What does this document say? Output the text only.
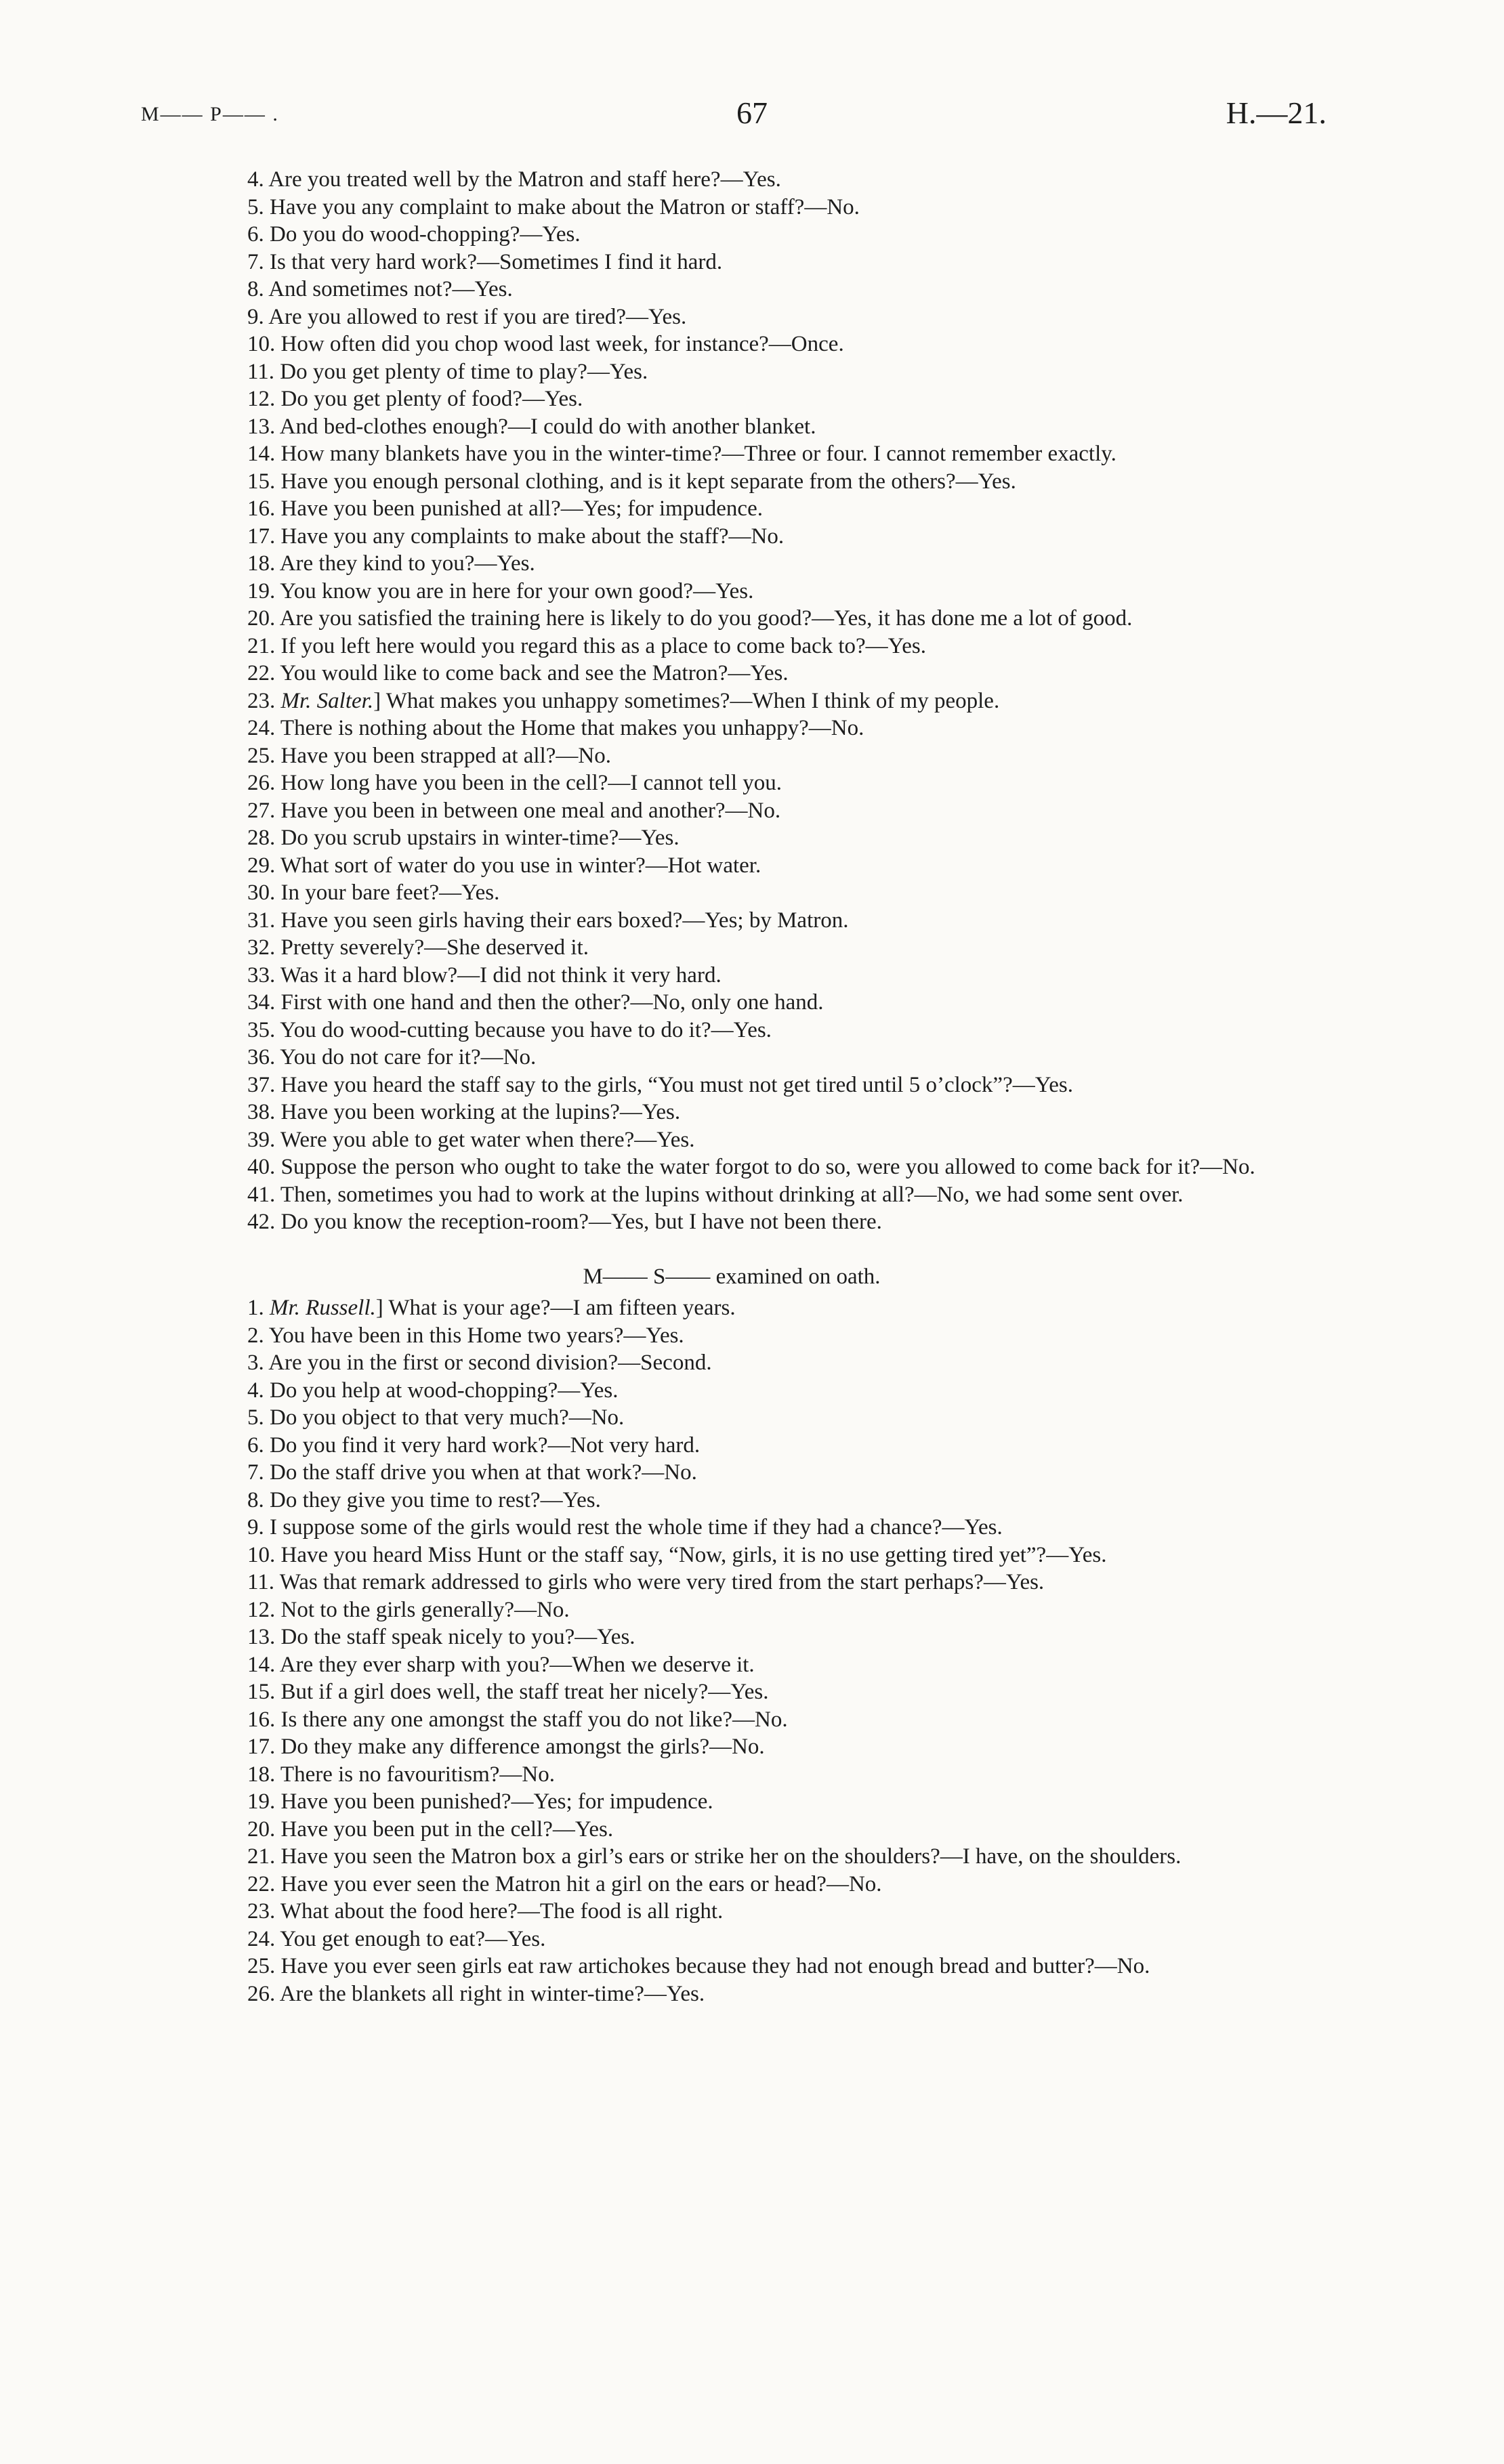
M—— P—— .	67	H.—21.

4. Are you treated well by the Matron and staff here?—Yes.

5. Have you any complaint to make about the Matron or staff?—No.

6. Do you do wood-chopping?—Yes.

7. Is that very hard work?—Sometimes I find it hard.

8. And sometimes not?—Yes.

9. Are you allowed to rest if you are tired?—Yes.

10. How often did you chop wood last week, for instance?—Once.

11. Do you get plenty of time to play?—Yes.

12. Do you get plenty of food?—Yes.

13. And bed-clothes enough?—I could do with another blanket.

14. How many blankets have you in the winter-time?—Three or four. I cannot remember exactly.

15. Have you enough personal clothing, and is it kept separate from the others?—Yes.

16. Have you been punished at all?—Yes; for impudence.

17. Have you any complaints to make about the staff?—No.

18. Are they kind to you?—Yes.

19. You know you are in here for your own good?—Yes.

20. Are you satisfied the training here is likely to do you good?—Yes, it has done me a lot of good.

21. If you left here would you regard this as a place to come back to?—Yes.

22. You would like to come back and see the Matron?—Yes.

23. Mr. Salter.] What makes you unhappy sometimes?—When I think of my people.

24. There is nothing about the Home that makes you unhappy?—No.

25. Have you been strapped at all?—No.

26. How long have you been in the cell?—I cannot tell you.

27. Have you been in between one meal and another?—No.

28. Do you scrub upstairs in winter-time?—Yes.

29. What sort of water do you use in winter?—Hot water.

30. In your bare feet?—Yes.

31. Have you seen girls having their ears boxed?—Yes; by Matron.

32. Pretty severely?—She deserved it.

33. Was it a hard blow?—I did not think it very hard.

34. First with one hand and then the other?—No, only one hand.

35. You do wood-cutting because you have to do it?—Yes.

36. You do not care for it?—No.

37. Have you heard the staff say to the girls, “You must not get tired until 5 o’clock”?—Yes.

38. Have you been working at the lupins?—Yes.

39. Were you able to get water when there?—Yes.

40. Suppose the person who ought to take the water forgot to do so, were you allowed to come back for it?—No.

41. Then, sometimes you had to work at the lupins without drinking at all?—No, we had some sent over.

42. Do you know the reception-room?—Yes, but I have not been there.

M—— S—— examined on oath.

1. Mr. Russell.] What is your age?—I am fifteen years.

2. You have been in this Home two years?—Yes.

3. Are you in the first or second division?—Second.

4. Do you help at wood-chopping?—Yes.

5. Do you object to that very much?—No.

6. Do you find it very hard work?—Not very hard.

7. Do the staff drive you when at that work?—No.

8. Do they give you time to rest?—Yes.

9. I suppose some of the girls would rest the whole time if they had a chance?—Yes.

10. Have you heard Miss Hunt or the staff say, “Now, girls, it is no use getting tired yet”?—Yes.

11. Was that remark addressed to girls who were very tired from the start perhaps?—Yes.

12. Not to the girls generally?—No.

13. Do the staff speak nicely to you?—Yes.

14. Are they ever sharp with you?—When we deserve it.

15. But if a girl does well, the staff treat her nicely?—Yes.

16. Is there any one amongst the staff you do not like?—No.

17. Do they make any difference amongst the girls?—No.

18. There is no favouritism?—No.

19. Have you been punished?—Yes; for impudence.

20. Have you been put in the cell?—Yes.

21. Have you seen the Matron box a girl’s ears or strike her on the shoulders?—I have, on the shoulders.

22. Have you ever seen the Matron hit a girl on the ears or head?—No.

23. What about the food here?—The food is all right.

24. You get enough to eat?—Yes.

25. Have you ever seen girls eat raw artichokes because they had not enough bread and butter?—No.

26. Are the blankets all right in winter-time?—Yes.
